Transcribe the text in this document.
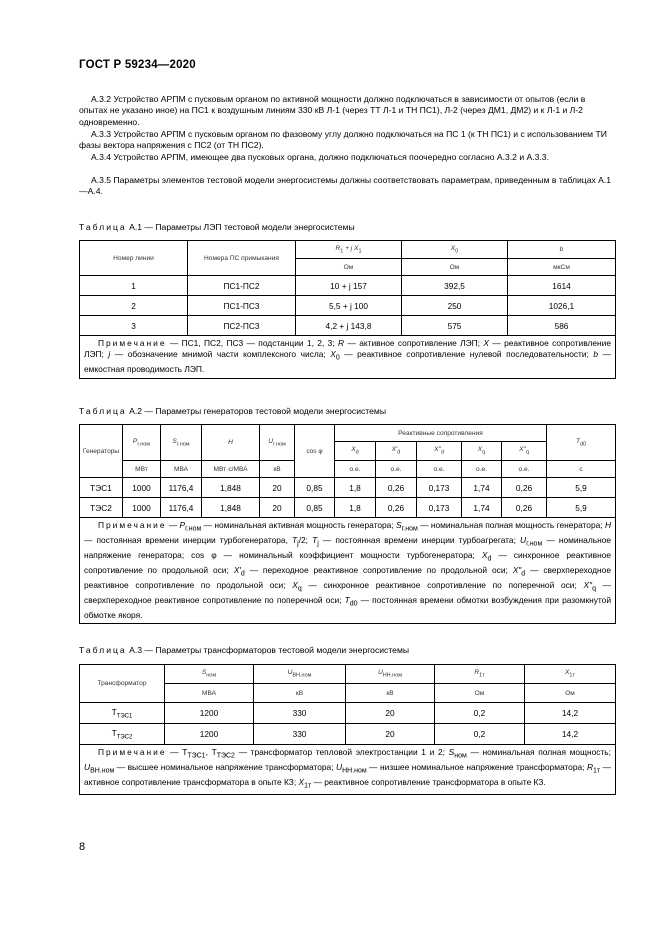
ГОСТ Р 59234—2020

А.3.2 Устройство АРПМ с пусковым органом по активной мощности должно подключаться в зависимости от опытов (если в опытах не указано иное) на ПС1 к воздушным линиям 330 кВ Л-1 (через ТТ Л-1 и ТН ПС1), Л-2 (через ДМ1, ДМ2) и к Л-1 и Л-2 одновременно.

А.3.3 Устройство АРПМ с пусковым органом по фазовому углу должно подключаться на ПС 1 (к ТН ПС1) и с использованием ТИ фазы вектора напряжения с ПС2 (от ТН ПС2).

А.3.4 Устройство АРПМ, имеющее два пусковых органа, должно подключаться поочередно согласно А.3.2 и А.3.3.

А.3.5 Параметры элементов тестовой модели энергосистемы должны соответствовать параметрам, приведенным в таблицах А.1—А.4.

Таблица А.1 — Параметры ЛЭП тестовой модели энергосистемы
Номер линии	Номера ПС примыкания	$R_1 + j$ $X_1$	$X_0$	b
		Ом	Ом	мкСм
1	ПС1-ПС2	10 + j 157	392,5	1614
2	ПС1-ПС3	5,5 + j 100	250	1026,1
3	ПС2-ПС3	4,2 + j 143,8	575	586
Примечание — ПС1, ПС2, ПС3 — подстанции 1, 2, 3; R — активное сопротивление ЛЭП; X — реактивное сопротивление ЛЭП; j — обозначение мнимой части комплексного числа; $X_0$ — реактивное сопротивление нулевой последовательности; b — емкостная проводимость ЛЭП.				
Таблица А.2 — Параметры генераторов тестовой модели энергосистемы
Генераторы	$P_{г.ном}$	$S_{г.ном}$	H	$U_{г.ном}$	cos φ	Реактивные сопротивления					$T_{d0}$
						$X_d$	$X'_d$	$X''_d$	$X_q$	$X''_q$
	МВт	МВА	МВт·с/МВА	кВ		о.е.	о.е.	о.е.	о.е.	о.е.	с
ТЭС1	1000	1176,4	1,848	20	0,85	1,8	0,26	0,173	1,74	0,26	5,9
ТЭС2	1000	1176,4	1,848	20	0,85	1,8	0,26	0,173	1,74	0,26	5,9
Примечание — $P_{г.ном}$ — номинальная активная мощность генератора; $S_{г.ном}$ — номинальная полная мощность генератора; H — постоянная времени инерции турбогенератора, $T_j/2$; $T_j$ — постоянная времени инерции турбоагрегата; $U_{г.ном}$ — номинальное напряжение генератора; cos φ — номинальный коэффициент мощности турбогенератора; $X_d$ — синхронное реактивное сопротивление по продольной оси; $X'_d$ — переходное реактивное сопротивление по продольной оси; $X''_d$ — сверхпереходное реактивное сопротивление по продольной оси; $X_q$ — синхронное реактивное сопротивление по поперечной оси; $X''_q$ — сверхпереходное реактивное сопротивление по поперечной оси; $T_{d0}$ — постоянная времени обмотки возбуждения при разомкнутой обмотке якоря.											
Таблица А.3 — Параметры трансформаторов тестовой модели энергосистемы
Трансформатор	$S_{ном}$	$U_{ВН.ном}$	$U_{НН.ном}$	$R_{1т}$	$X_{1т}$
	МВА	кВ	кВ	Ом	Ом
$Т_{ТЭС1}$	1200	330	20	0,2	14,2
$Т_{ТЭС2}$	1200	330	20	0,2	14,2
Примечание — $Т_{ТЭС1}$, $Т_{ТЭС2}$ — трансформатор тепловой электростанции 1 и 2; $S_{ном}$ — номинальная полная мощность; $U_{ВН.ном}$ — высшее номинальное напряжение трансформатора; $U_{НН.ном}$ — низшее номинальное напряжение трансформатора; $R_{1т}$ — активное сопротивление трансформатора в опыте КЗ; $X_{1т}$ — реактивное сопротивление трансформатора в опыте КЗ.					
8
